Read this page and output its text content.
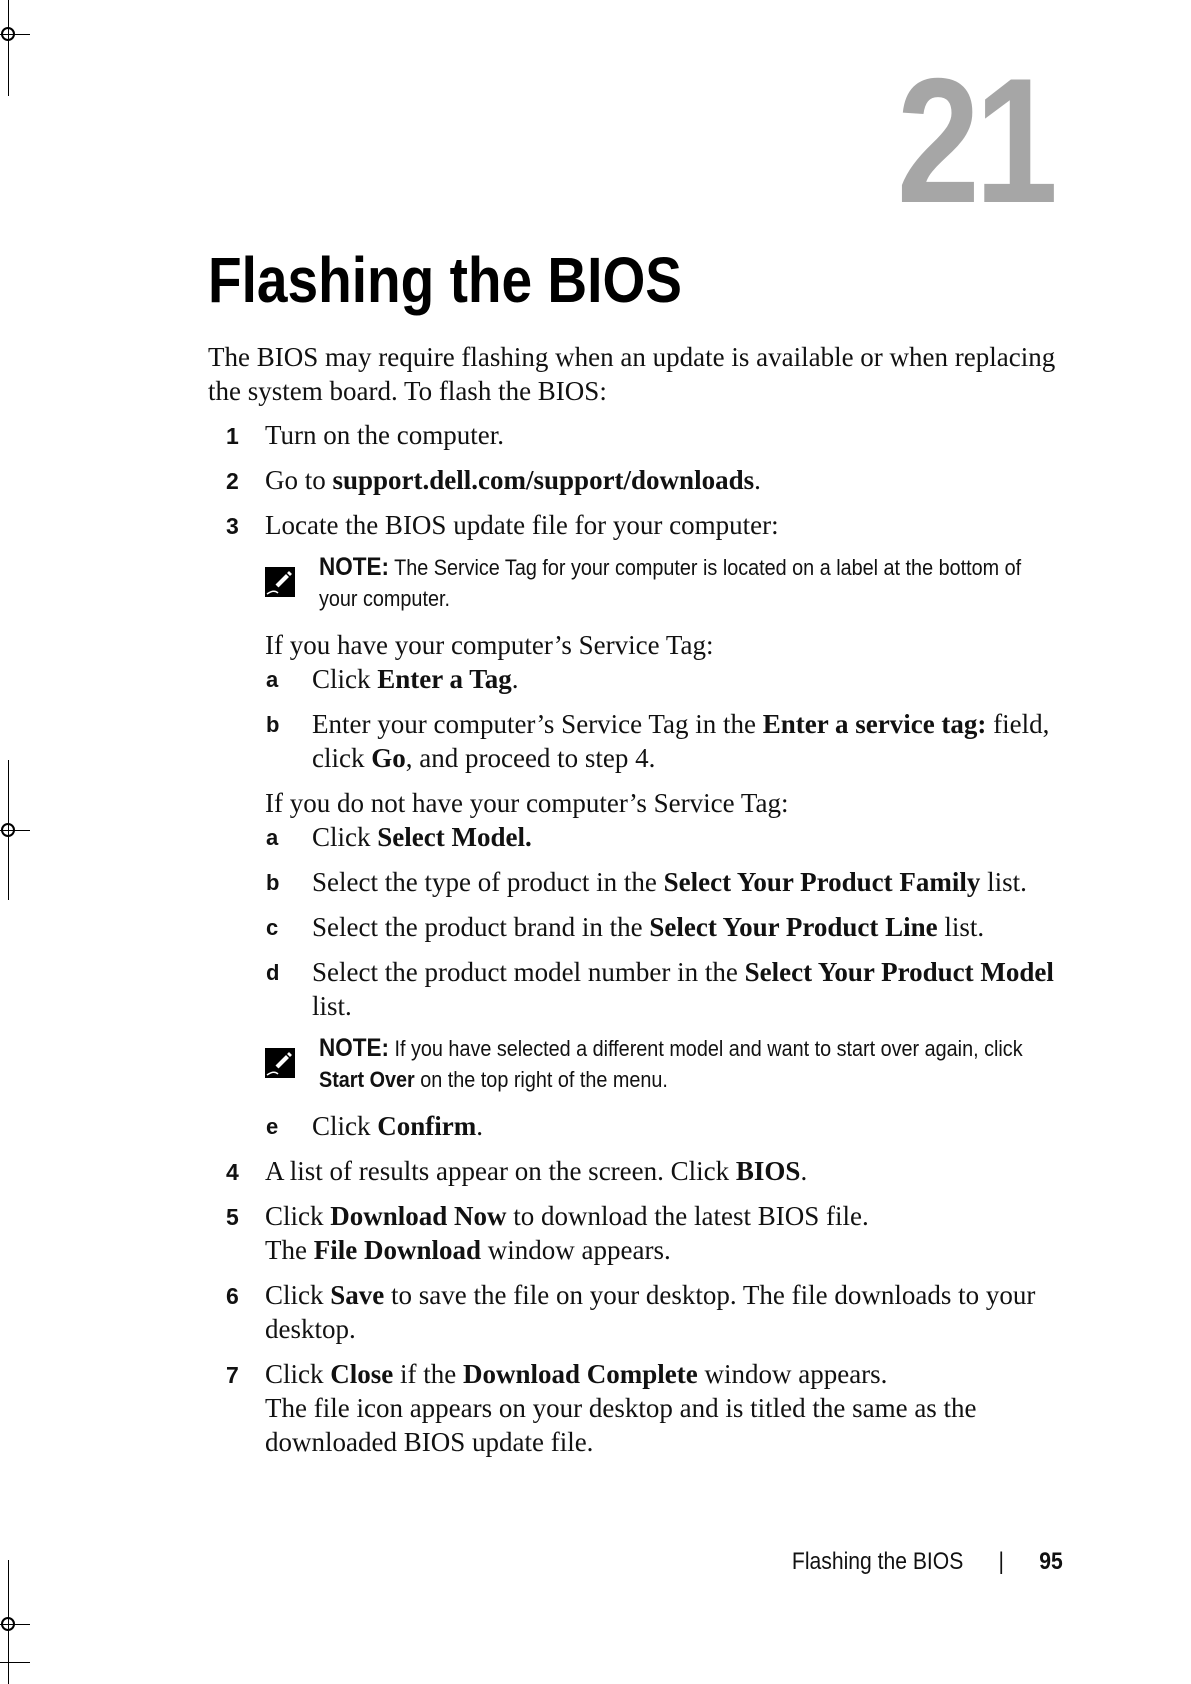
21
Flashing the BIOS

The BIOS may require flashing when an update is available or when replacing the system board. To flash the BIOS:

1 Turn on the computer.
2 Go to support.dell.com/support/downloads.
3 Locate the BIOS update file for your computer:
NOTE: The Service Tag for your computer is located on a label at the bottom of your computer.

If you have your computer’s Service Tag:

a Click Enter a Tag.
b Enter your computer’s Service Tag in the Enter a service tag: field, click Go, and proceed to step 4.

If you do not have your computer’s Service Tag:

a Click Select Model.
b Select the type of product in the Select Your Product Family list.
c Select the product brand in the Select Your Product Line list.
d Select the product model number in the Select Your Product Model list.
NOTE: If you have selected a different model and want to start over again, click Start Over on the top right of the menu.
e Click Confirm.
4 A list of results appear on the screen. Click BIOS.
5 Click Download Now to download the latest BIOS file.
The File Download window appears.
6 Click Save to save the file on your desktop. The file downloads to your desktop.
7 Click Close if the Download Complete window appears.
The file icon appears on your desktop and is titled the same as the downloaded BIOS update file.
Flashing the BIOS | 95
